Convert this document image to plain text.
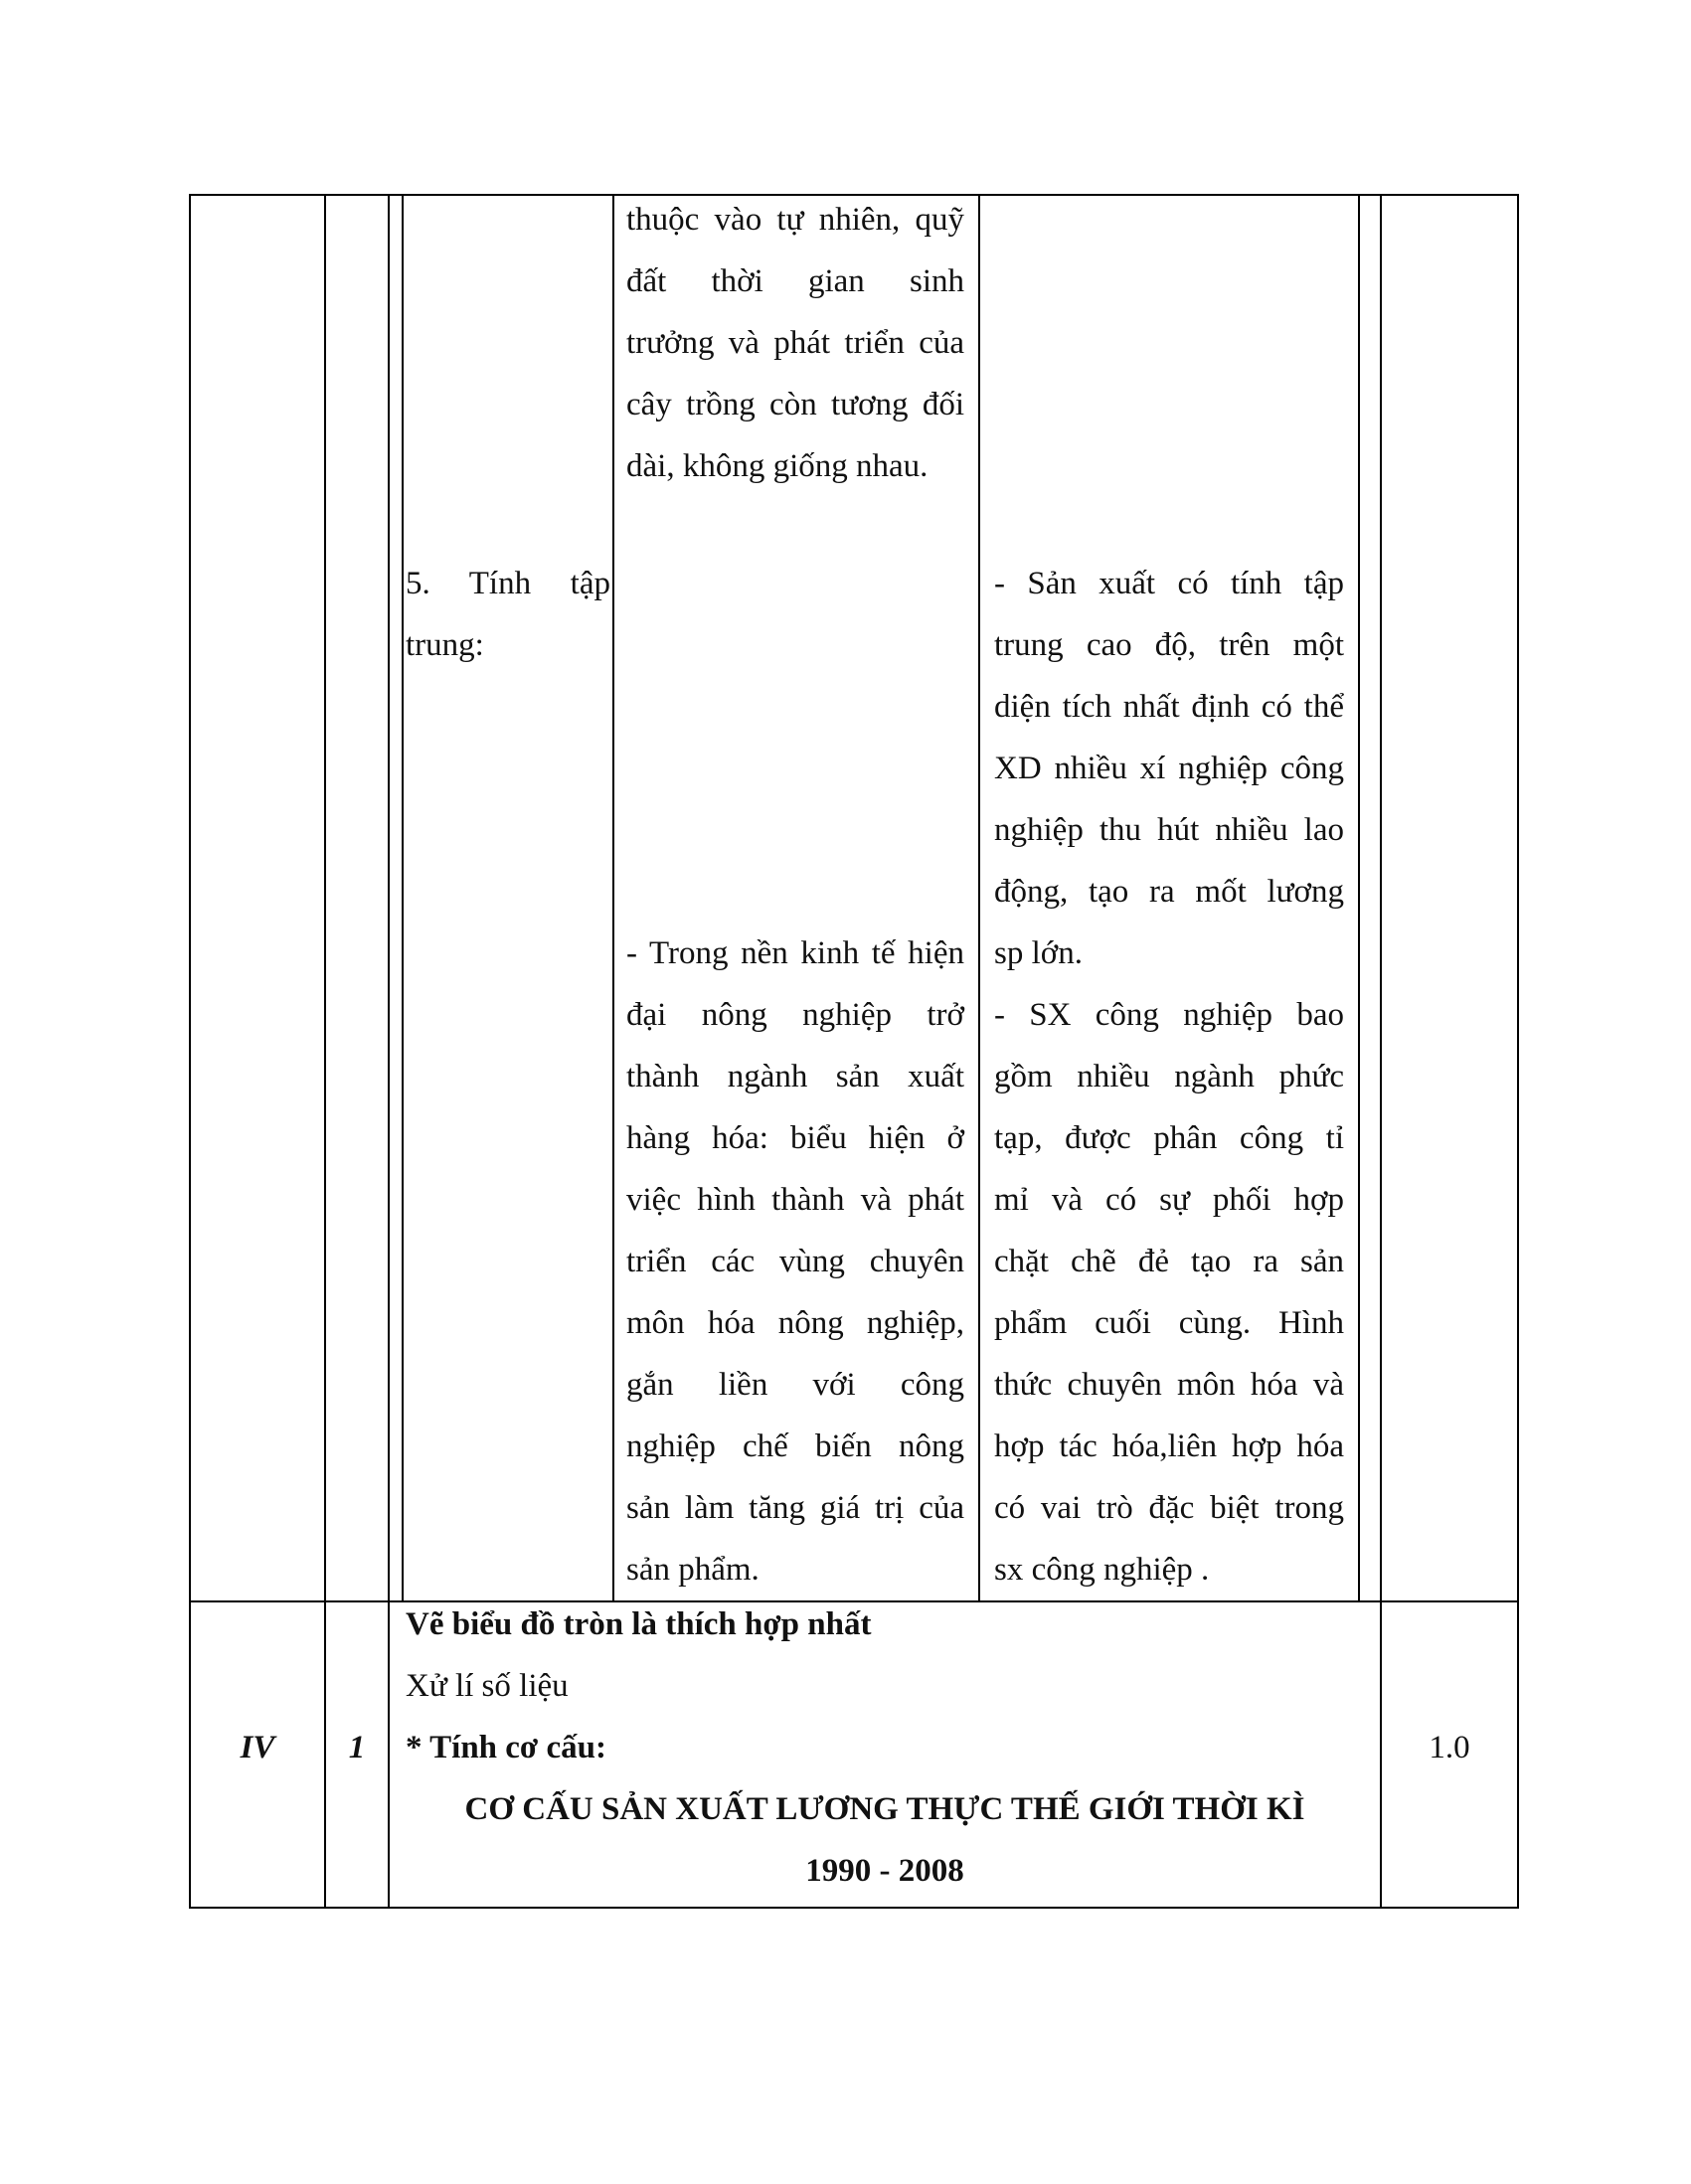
5. Tính tập
trung:
thuộc vào tự nhiên, quỹ
đất thời gian sinh
trưởng và phát triển của
cây trồng còn tương đối
dài, không giống nhau.
- Trong nền kinh tế hiện
đại nông nghiệp trở
thành ngành sản xuất
hàng hóa: biểu hiện ở
việc hình thành và phát
triển các vùng chuyên
môn hóa nông nghiệp,
gắn liền với công
nghiệp chế biến nông
sản làm tăng giá trị của
sản phẩm.
- Sản xuất có tính tập
trung cao độ, trên một
diện tích nhất định có thể
XD nhiều xí nghiệp công
nghiệp thu hút nhiều lao
động, tạo ra mốt lương
sp lớn.
- SX công nghiệp bao
gồm nhiều ngành phức
tạp, được phân công tỉ
mỉ và có sự phối hợp
chặt chẽ đẻ tạo ra sản
phẩm cuối cùng. Hình
thức chuyên môn hóa và
hợp tác hóa,liên hợp hóa
có vai trò đặc biệt trong
sx công nghiệp .
IV	1
Vẽ biểu đồ tròn là thích hợp nhất
Xử lí số liệu
* Tính cơ cấu:
CƠ CẤU SẢN XUẤT LƯƠNG THỰC THẾ GIỚI THỜI KÌ
1990 - 2008
1.0
